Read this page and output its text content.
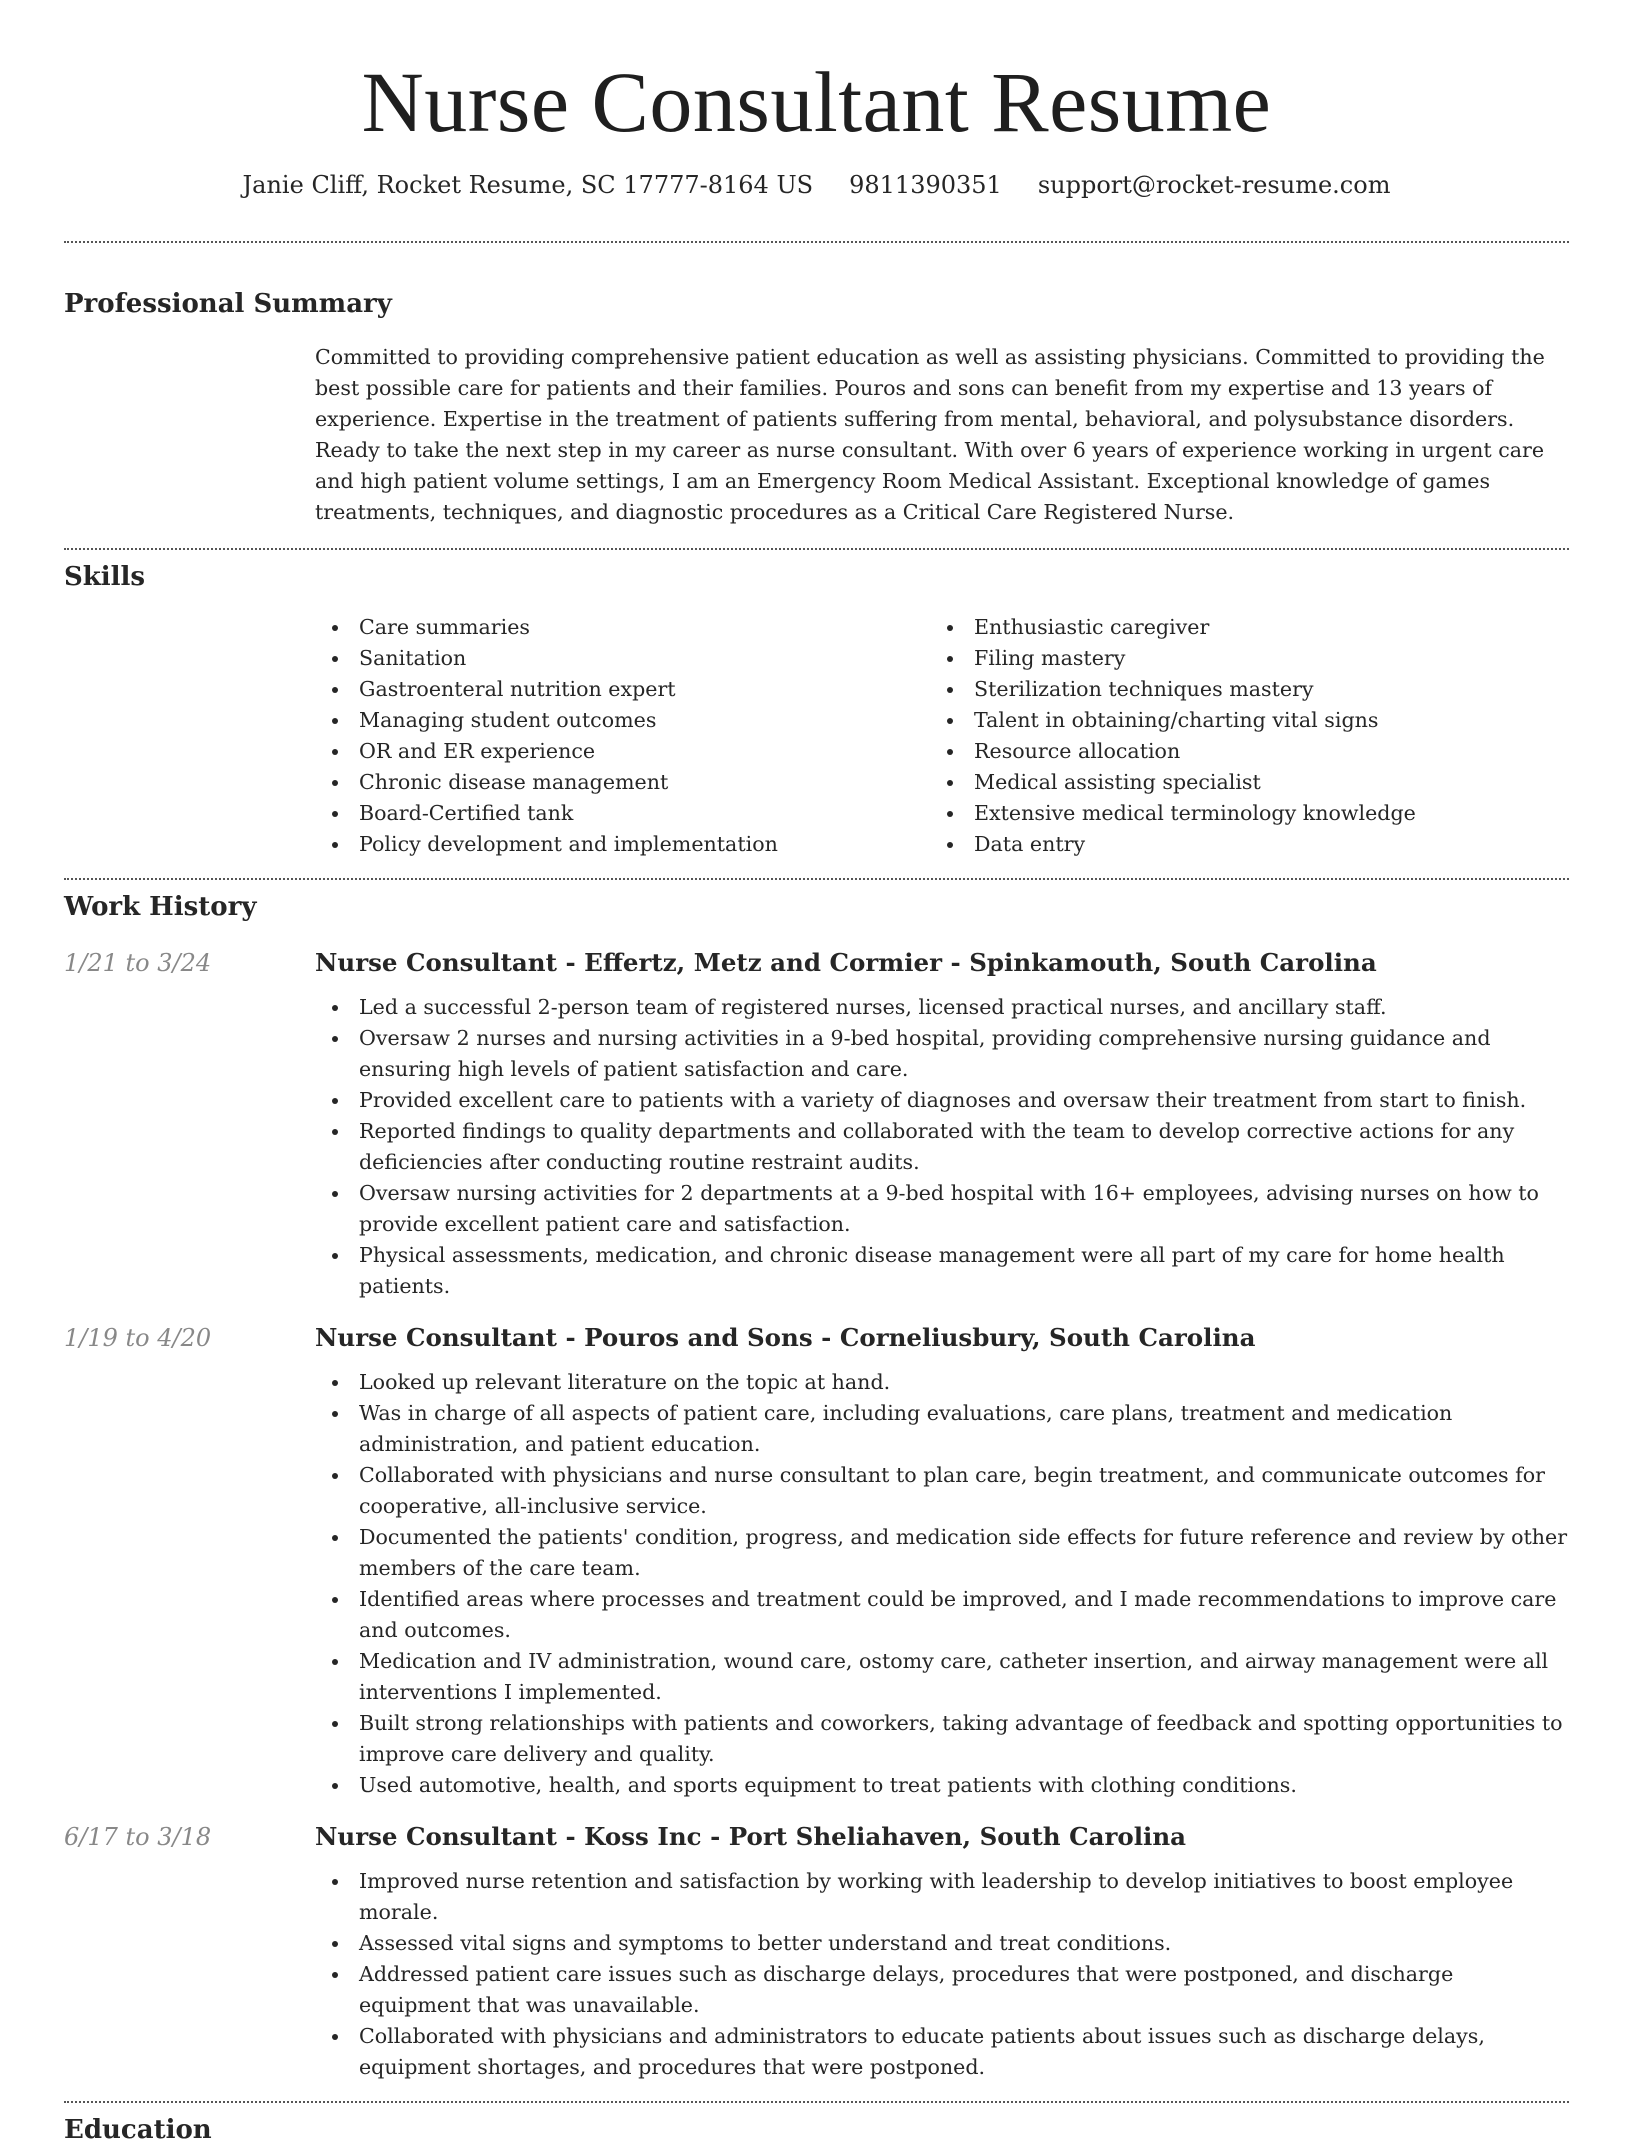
Nurse Consultant Resume
Janie Cliff, Rocket Resume, SC 17777-8164 US 9811390351 support@rocket-resume.com
Professional Summary

Committed to providing comprehensive patient education as well as assisting physicians. Committed to providing the best possible care for patients and their families. Pouros and sons can benefit from my expertise and 13 years of experience. Expertise in the treatment of patients suffering from mental, behavioral, and polysubstance disorders. Ready to take the next step in my career as nurse consultant. With over 6 years of experience working in urgent care and high patient volume settings, I am an Emergency Room Medical Assistant. Exceptional knowledge of games treatments, techniques, and diagnostic procedures as a Critical Care Registered Nurse.

Skills
Care summaries
Sanitation
Gastroenteral nutrition expert
Managing student outcomes
OR and ER experience
Chronic disease management
Board-Certified tank
Policy development and implementation
Enthusiastic caregiver
Filing mastery
Sterilization techniques mastery
Talent in obtaining/charting vital signs
Resource allocation
Medical assisting specialist
Extensive medical terminology knowledge
Data entry
Work History
1/21 to 3/24	Nurse Consultant - Effertz, Metz and Cormier - Spinkamouth, South Carolina
Led a successful 2-person team of registered nurses, licensed practical nurses, and ancillary staff.
Oversaw 2 nurses and nursing activities in a 9-bed hospital, providing comprehensive nursing guidance and ensuring high levels of patient satisfaction and care.
Provided excellent care to patients with a variety of diagnoses and oversaw their treatment from start to finish.
Reported findings to quality departments and collaborated with the team to develop corrective actions for any deficiencies after conducting routine restraint audits.
Oversaw nursing activities for 2 departments at a 9-bed hospital with 16+ employees, advising nurses on how to provide excellent patient care and satisfaction.
Physical assessments, medication, and chronic disease management were all part of my care for home health patients.
1/19 to 4/20	Nurse Consultant - Pouros and Sons - Corneliusbury, South Carolina
Looked up relevant literature on the topic at hand.
Was in charge of all aspects of patient care, including evaluations, care plans, treatment and medication administration, and patient education.
Collaborated with physicians and nurse consultant to plan care, begin treatment, and communicate outcomes for cooperative, all-inclusive service.
Documented the patients' condition, progress, and medication side effects for future reference and review by other members of the care team.
Identified areas where processes and treatment could be improved, and I made recommendations to improve care and outcomes.
Medication and IV administration, wound care, ostomy care, catheter insertion, and airway management were all interventions I implemented.
Built strong relationships with patients and coworkers, taking advantage of feedback and spotting opportunities to improve care delivery and quality.
Used automotive, health, and sports equipment to treat patients with clothing conditions.
6/17 to 3/18	Nurse Consultant - Koss Inc - Port Sheliahaven, South Carolina
Improved nurse retention and satisfaction by working with leadership to develop initiatives to boost employee morale.
Assessed vital signs and symptoms to better understand and treat conditions.
Addressed patient care issues such as discharge delays, procedures that were postponed, and discharge equipment that was unavailable.
Collaborated with physicians and administrators to educate patients about issues such as discharge delays, equipment shortages, and procedures that were postponed.
Education
